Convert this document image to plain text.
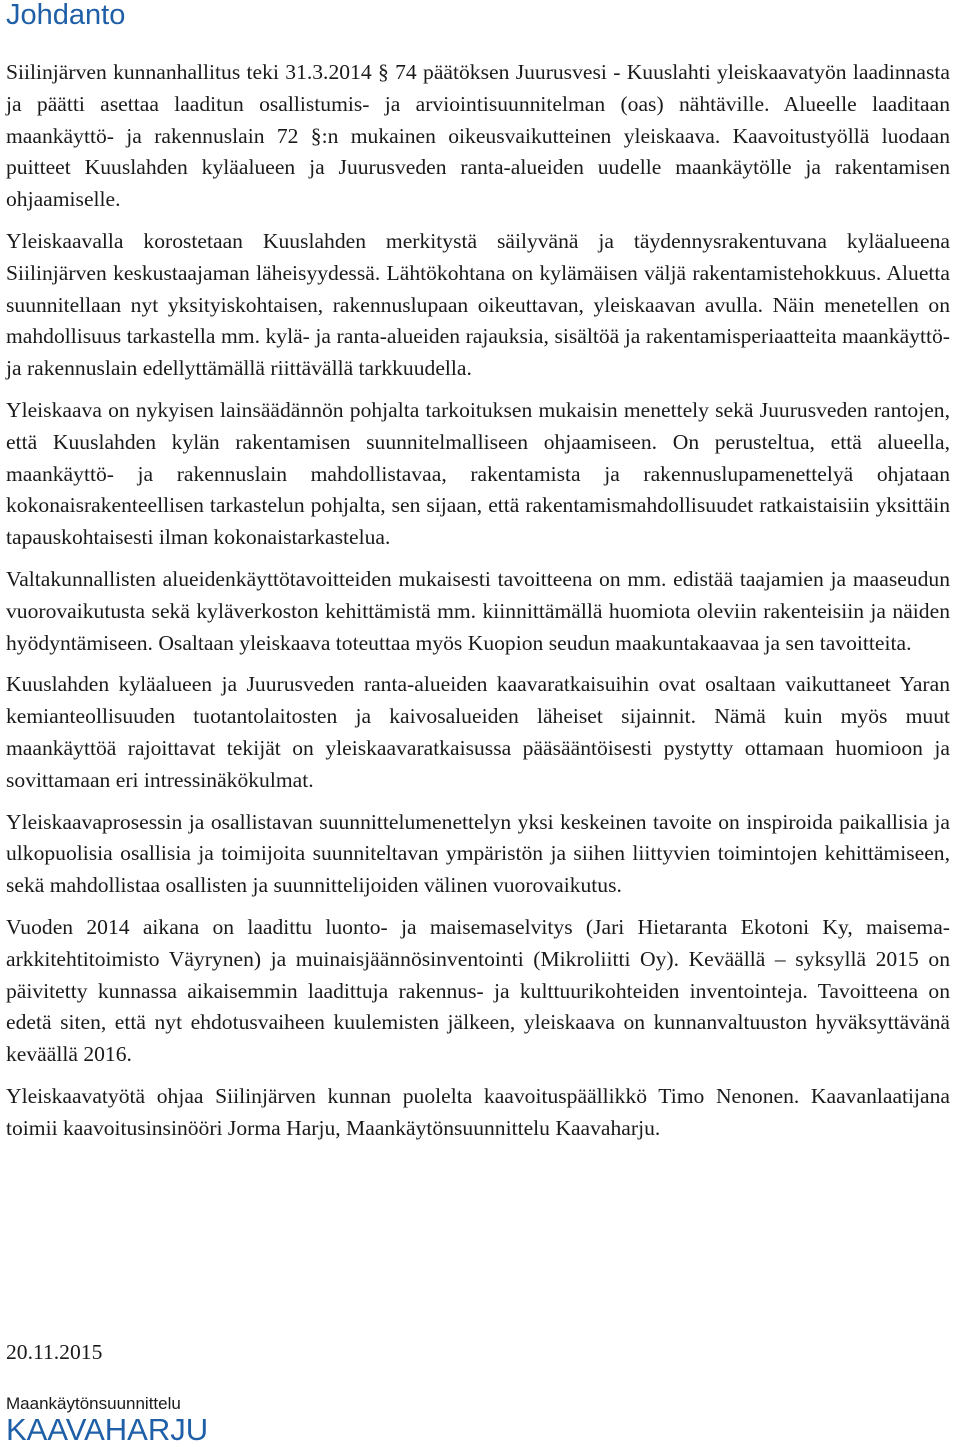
Johdanto

Siilinjärven kunnanhallitus teki 31.3.2014 § 74 päätöksen Juurusvesi - Kuuslahti yleiskaavatyön laadinnasta ja päätti asettaa laaditun osallistumis- ja arviointisuunnitelman (oas) nähtäville. Alueelle laaditaan maankäyttö- ja rakennuslain 72 §:n mukainen oikeusvaikutteinen yleiskaava. Kaavoitustyöllä luodaan puitteet Kuuslahden kyläalueen ja Juurusveden ranta-alueiden uudelle maankäytölle ja rakentamisen ohjaamiselle.

Yleiskaavalla korostetaan Kuuslahden merkitystä säilyvänä ja täydennysrakentuvana kyläalueena Siilinjärven keskustaajaman läheisyydessä. Lähtökohtana on kylämäisen väljä rakentamistehokkuus. Aluetta suunnitellaan nyt yksityiskohtaisen, rakennuslupaan oikeuttavan, yleiskaavan avulla. Näin menetellen on mahdollisuus tarkastella mm. kylä- ja ranta-alueiden rajauksia, sisältöä ja rakentamisperiaatteita maankäyttö- ja rakennuslain edellyttämällä riittävällä tarkkuudella.

Yleiskaava on nykyisen lainsäädännön pohjalta tarkoituksen mukaisin menettely sekä Juurusveden rantojen, että Kuuslahden kylän rakentamisen suunnitelmalliseen ohjaamiseen. On perusteltua, että alueella, maankäyttö- ja rakennuslain mahdollistavaa, rakentamista ja rakennuslupamenettelyä ohjataan kokonaisrakenteellisen tarkastelun pohjalta, sen sijaan, että rakentamismahdollisuudet ratkaistaisiin yksittäin tapauskohtaisesti ilman kokonaistarkastelua.

Valtakunnallisten alueidenkäyttötavoitteiden mukaisesti tavoitteena on mm. edistää taajamien ja maaseudun vuorovaikutusta sekä kyläverkoston kehittämistä mm. kiinnittämällä huomiota oleviin rakenteisiin ja näiden hyödyntämiseen. Osaltaan yleiskaava toteuttaa myös Kuopion seudun maakuntakaavaa ja sen tavoitteita.

Kuuslahden kyläalueen ja Juurusveden ranta-alueiden kaavaratkaisuihin ovat osaltaan vaikuttaneet Yaran kemianteollisuuden tuotantolaitosten ja kaivosalueiden läheiset sijainnit. Nämä kuin myös muut maankäyttöä rajoittavat tekijät on yleiskaavaratkaisussa pääsääntöisesti pystytty ottamaan huomioon ja sovittamaan eri intressinäkökulmat.

Yleiskaavaprosessin ja osallistavan suunnittelumenettelyn yksi keskeinen tavoite on inspiroida paikallisia ja ulkopuolisia osallisia ja toimijoita suunniteltavan ympäristön ja siihen liittyvien toimintojen kehittämiseen, sekä mahdollistaa osallisten ja suunnittelijoiden välinen vuorovaikutus.

Vuoden 2014 aikana on laadittu luonto- ja maisemaselvitys (Jari Hietaranta Ekotoni Ky, maisema-arkkitehtitoimisto Väyrynen) ja muinaisjäännösinventointi (Mikroliitti Oy). Keväällä – syksyllä 2015 on päivitetty kunnassa aikaisemmin laadittuja rakennus- ja kulttuurikohteiden inventointeja. Tavoitteena on edetä siten, että nyt ehdotusvaiheen kuulemisten jälkeen, yleiskaava on kunnanvaltuuston hyväksyttävänä keväällä 2016.

Yleiskaavatyötä ohjaa Siilinjärven kunnan puolelta kaavoituspäällikkö Timo Nenonen. Kaavanlaatijana toimii kaavoitusinsinööri Jorma Harju, Maankäytönsuunnittelu Kaavaharju.

20.11.2015

Maankäytönsuunnittelu

KAAVAHARJU
